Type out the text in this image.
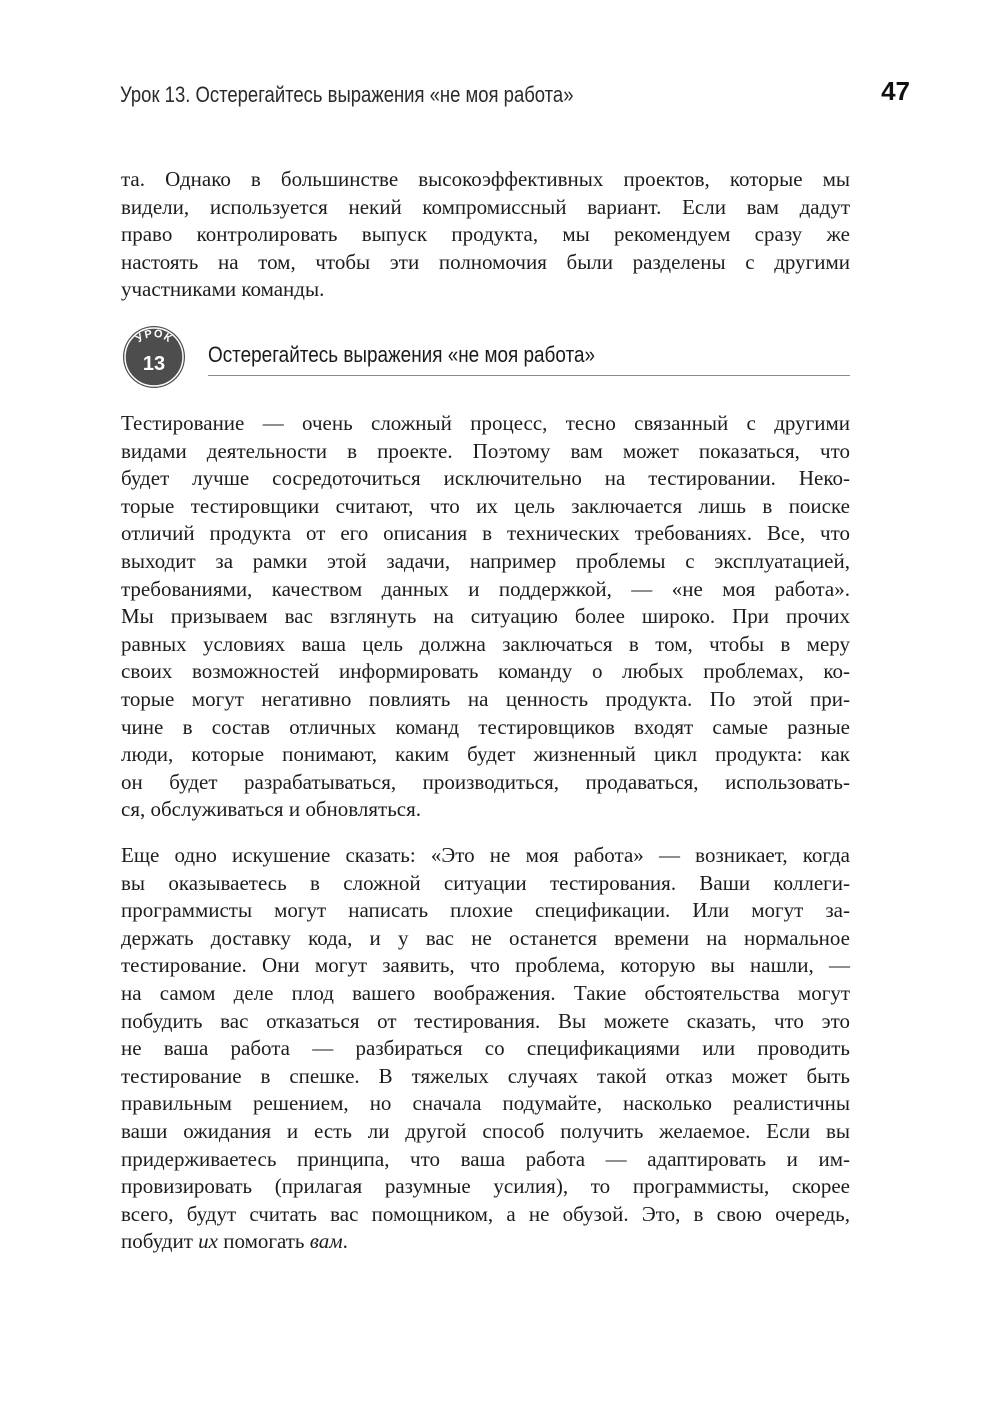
Урок 13. Остерегайтесь выражения «не моя работа»	47

та. Однако в большинстве высокоэффективных проектов, которые мы
видели, используется некий компромиссный вариант. Если вам дадут
право контролировать выпуск продукта, мы рекомендуем сразу же
настоять на том, чтобы эти полномочия были разделены с другими
участниками команды.

УРОК
13 Остерегайтесь выражения «не моя работа»

Тестирование — очень сложный процесс, тесно связанный с другими
видами деятельности в проекте. Поэтому вам может показаться, что
будет лучше сосредоточиться исключительно на тестировании. Неко-
торые тестировщики считают, что их цель заключается лишь в поиске
отличий продукта от его описания в технических требованиях. Все, что
выходит за рамки этой задачи, например проблемы с эксплуатацией,
требованиями, качеством данных и поддержкой, — «не моя работа».
Мы призываем вас взглянуть на ситуацию более широко. При прочих
равных условиях ваша цель должна заключаться в том, чтобы в меру
своих возможностей информировать команду о любых проблемах, ко-
торые могут негативно повлиять на ценность продукта. По этой при-
чине в состав отличных команд тестировщиков входят самые разные
люди, которые понимают, каким будет жизненный цикл продукта: как
он будет разрабатываться, производиться, продаваться, использовать-
ся, обслуживаться и обновляться.

Еще одно искушение сказать: «Это не моя работа» — возникает, когда
вы оказываетесь в сложной ситуации тестирования. Ваши коллеги-
программисты могут написать плохие спецификации. Или могут за-
держать доставку кода, и у вас не останется времени на нормальное
тестирование. Они могут заявить, что проблема, которую вы нашли, —
на самом деле плод вашего воображения. Такие обстоятельства могут
побудить вас отказаться от тестирования. Вы можете сказать, что это
не ваша работа — разбираться со спецификациями или проводить
тестирование в спешке. В тяжелых случаях такой отказ может быть
правильным решением, но сначала подумайте, насколько реалистичны
ваши ожидания и есть ли другой способ получить желаемое. Если вы
придерживаетесь принципа, что ваша работа — адаптировать и им-
провизировать (прилагая разумные усилия), то программисты, скорее
всего, будут считать вас помощником, а не обузой. Это, в свою очередь,
побудит их помогать вам.
